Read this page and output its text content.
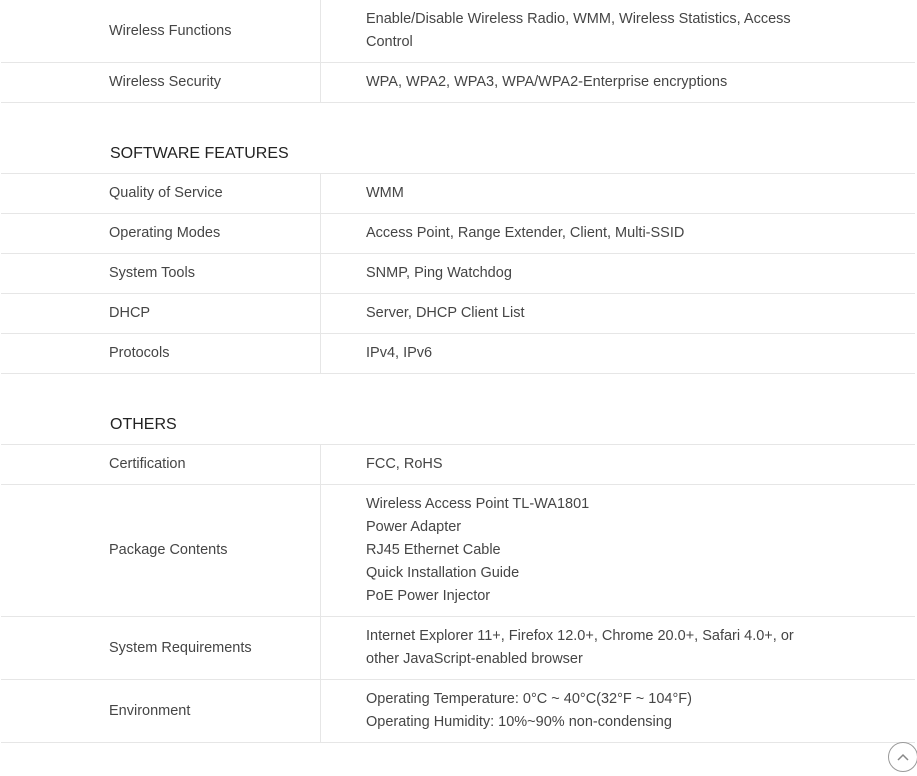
Wireless Functions	Enable/Disable Wireless Radio, WMM, Wireless Statistics, Access
Control

Wireless Security	WPA, WPA2, WPA3, WPA/WPA2-Enterprise encryptions
SOFTWARE FEATURES
Quality of Service	WMM

Operating Modes	Access Point, Range Extender, Client, Multi-SSID

System Tools	SNMP, Ping Watchdog

DHCP	Server, DHCP Client List

Protocols	IPv4, IPv6
OTHERS
Certification	FCC, RoHS

Package Contents	Wireless Access Point TL-WA1801
Power Adapter
RJ45 Ethernet Cable
Quick Installation Guide
PoE Power Injector

System Requirements	Internet Explorer 11+, Firefox 12.0+, Chrome 20.0+, Safari 4.0+, or
other JavaScript-enabled browser

Environment	Operating Temperature: 0°C ~ 40°C(32°F ~ 104°F)
Operating Humidity: 10%~90% non-condensing
